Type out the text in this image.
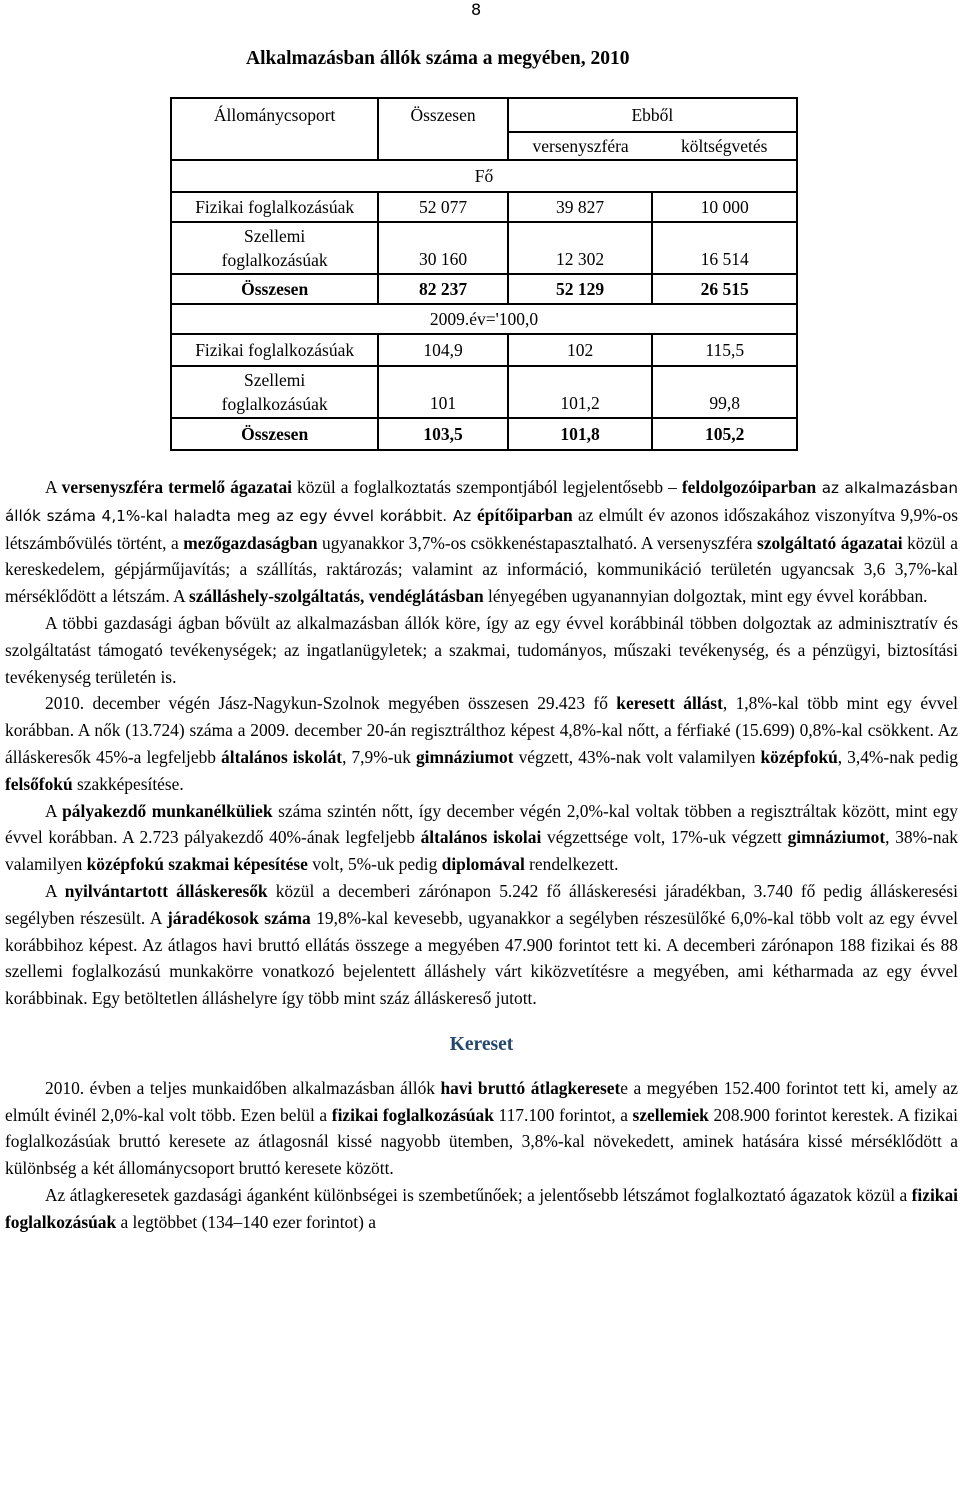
8
Alkalmazásban állók száma a megyében, 2010
Állománycsoport	Összesen	Ebből	
		versenyszféra	költségvetés
Fő			
Fizikai foglalkozásúak	52 077	39 827	10 000
Szellemi
foglalkozásúak	30 160	12 302	16 514
Összesen	82 237	52 129	26 515
2009.év='100,0			
Fizikai foglalkozásúak	104,9	102	115,5
Szellemi
foglalkozásúak	101	101,2	99,8
Összesen	103,5	101,8	105,2

A versenyszféra termelő ágazatai közül a foglalkoztatás szempontjából legjelentősebb – feldolgozóiparban az alkalmazásban állók száma 4,1%-kal haladta meg az egy évvel korábbit. Az építőiparban az elmúlt év azonos időszakához viszonyítva 9,9%-os létszámbővülés történt, a mezőgazdaságban ugyanakkor 3,7%-os csökkenéstapasztalható. A versenyszféra szolgáltató ágazatai közül a kereskedelem, gépjárműjavítás; a szállítás, raktározás; valamint az információ, kommunikáció területén ugyancsak 3,6 3,7%-kal mérséklődött a létszám. A szálláshely-szolgáltatás, vendéglátásban lényegében ugyanannyian dolgoztak, mint egy évvel korábban.

A többi gazdasági ágban bővült az alkalmazásban állók köre, így az egy évvel korábbinál többen dolgoztak az adminisztratív és szolgáltatást támogató tevékenységek; az ingatlanügyletek; a szakmai, tudományos, műszaki tevékenység, és a pénzügyi, biztosítási tevékenység területén is.

2010. december végén Jász-Nagykun-Szolnok megyében összesen 29.423 fő keresett állást, 1,8%-kal több mint egy évvel korábban. A nők (13.724) száma a 2009. december 20-án regisztrálthoz képest 4,8%-kal nőtt, a férfiaké (15.699) 0,8%-kal csökkent. Az álláskeresők 45%-a legfeljebb általános iskolát, 7,9%-uk gimnáziumot végzett, 43%-nak volt valamilyen középfokú, 3,4%-nak pedig felsőfokú szakképesítése.

A pályakezdő munkanélküliek száma szintén nőtt, így december végén 2,0%-kal voltak többen a regisztráltak között, mint egy évvel korábban. A 2.723 pályakezdő 40%-ának legfeljebb általános iskolai végzettsége volt, 17%-uk végzett gimnáziumot, 38%-nak valamilyen középfokú szakmai képesítése volt, 5%-uk pedig diplomával rendelkezett.

A nyilvántartott álláskeresők közül a decemberi zárónapon 5.242 fő álláskeresési járadékban, 3.740 fő pedig álláskeresési segélyben részesült. A járadékosok száma 19,8%-kal kevesebb, ugyanakkor a segélyben részesülőké 6,0%-kal több volt az egy évvel korábbihoz képest. Az átlagos havi bruttó ellátás összege a megyében 47.900 forintot tett ki. A decemberi zárónapon 188 fizikai és 88 szellemi foglalkozású munkakörre vonatkozó bejelentett álláshely várt kiközvetítésre a megyében, ami kétharmada az egy évvel korábbinak. Egy betöltetlen álláshelyre így több mint száz álláskereső jutott.

Kereset

2010. évben a teljes munkaidőben alkalmazásban állók havi bruttó átlagkeresete a megyében 152.400 forintot tett ki, amely az elmúlt évinél 2,0%-kal volt több. Ezen belül a fizikai foglalkozásúak 117.100 forintot, a szellemiek 208.900 forintot kerestek. A fizikai foglalkozásúak bruttó keresete az átlagosnál kissé nagyobb ütemben, 3,8%-kal növekedett, aminek hatására kissé mérséklődött a különbség a két állománycsoport bruttó keresete között.

Az átlagkeresetek gazdasági áganként különbségei is szembetűnőek; a jelentősebb létszámot foglalkoztató ágazatok közül a fizikai foglalkozásúak a legtöbbet (134–140 ezer forintot) a
